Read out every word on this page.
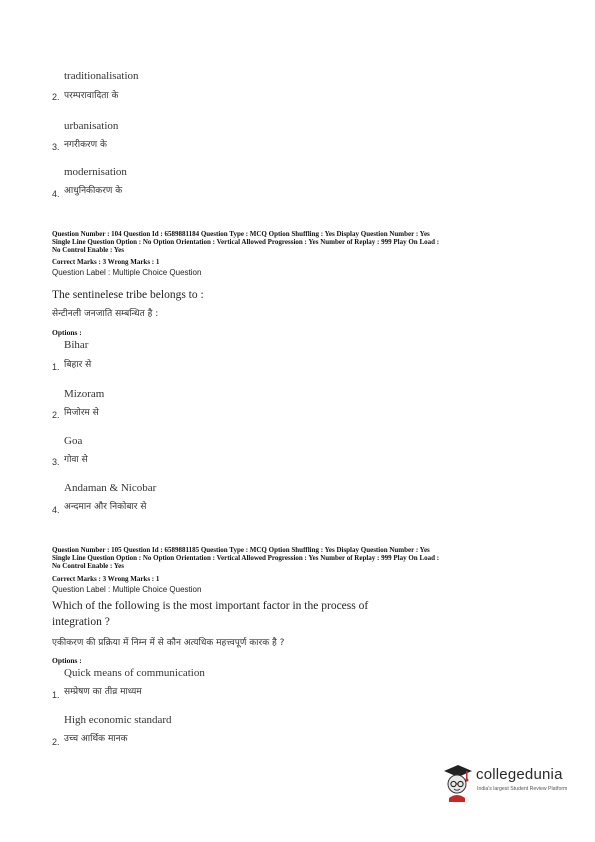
traditionalisation
2. परम्परावादिता के
urbanisation
3. नगरीकरण के
modernisation
4. आधुनिकीकरण के
Question Number : 104 Question Id : 6589881184 Question Type : MCQ Option Shuffling : Yes Display Question Number : Yes
Single Line Question Option : No Option Orientation : Vertical Allowed Progression : Yes Number of Replay : 999 Play On Load :
No Control Enable : Yes
Correct Marks : 3 Wrong Marks : 1
Question Label : Multiple Choice Question
The sentinelese tribe belongs to :
सेन्टीनली जनजाति सम्बन्धित है :
Options :
Bihar
1. बिहार से
Mizoram
2. मिजोरम से
Goa
3. गोवा से
Andaman & Nicobar
4. अन्दमान और निकोबार से
Question Number : 105 Question Id : 6589881185 Question Type : MCQ Option Shuffling : Yes Display Question Number : Yes
Single Line Question Option : No Option Orientation : Vertical Allowed Progression : Yes Number of Replay : 999 Play On Load :
No Control Enable : Yes
Correct Marks : 3 Wrong Marks : 1
Question Label : Multiple Choice Question
Which of the following is the most important factor in the process of
integration ?
एकीकरण की प्रक्रिया में निम्न में से कौन अत्यधिक महत्त्वपूर्ण कारक है ?
Options :
Quick means of communication
1. सम्प्रेषण का तीव्र माध्यम
High economic standard
2. उच्च आर्थिक मानक
collegedunia
India's largest Student Review Platform
